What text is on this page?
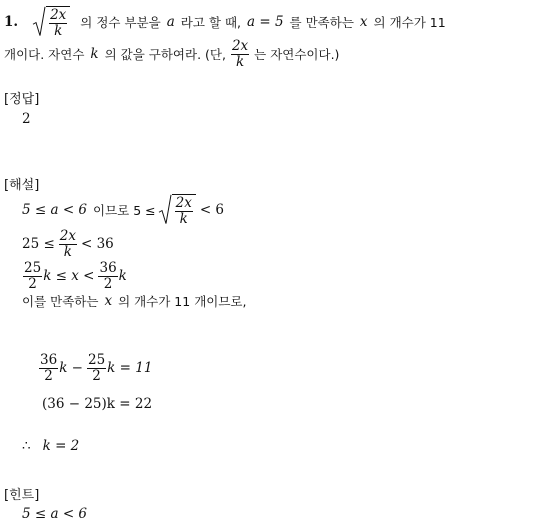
1. $\frac{2x}{k}$ 의 정수 부분을 a 라고 할 때, a = 5 를 만족하는 x 의 개수가 11
개이다. 자연수 k 의 값을 구하여라. (단, $\frac{2x}{k}$ 는 자연수이다.)
[정답]
2
[해설]
5 ≤ a < 6 이므로 $5 \le \frac{2x}{k} < 6$
$25 \le \frac{2x}{k} < 36$
$\frac{25}{2}$ $k \le x < \frac{36}{2}$ k
이를 만족하는 x 의 개수가 11 개이므로,
$\frac{36}{2}$ $k - \frac{25}{2}$ k = 11
(36 − 25)k = 22
∴ k = 2
[힌트]
5 ≤ a < 6
